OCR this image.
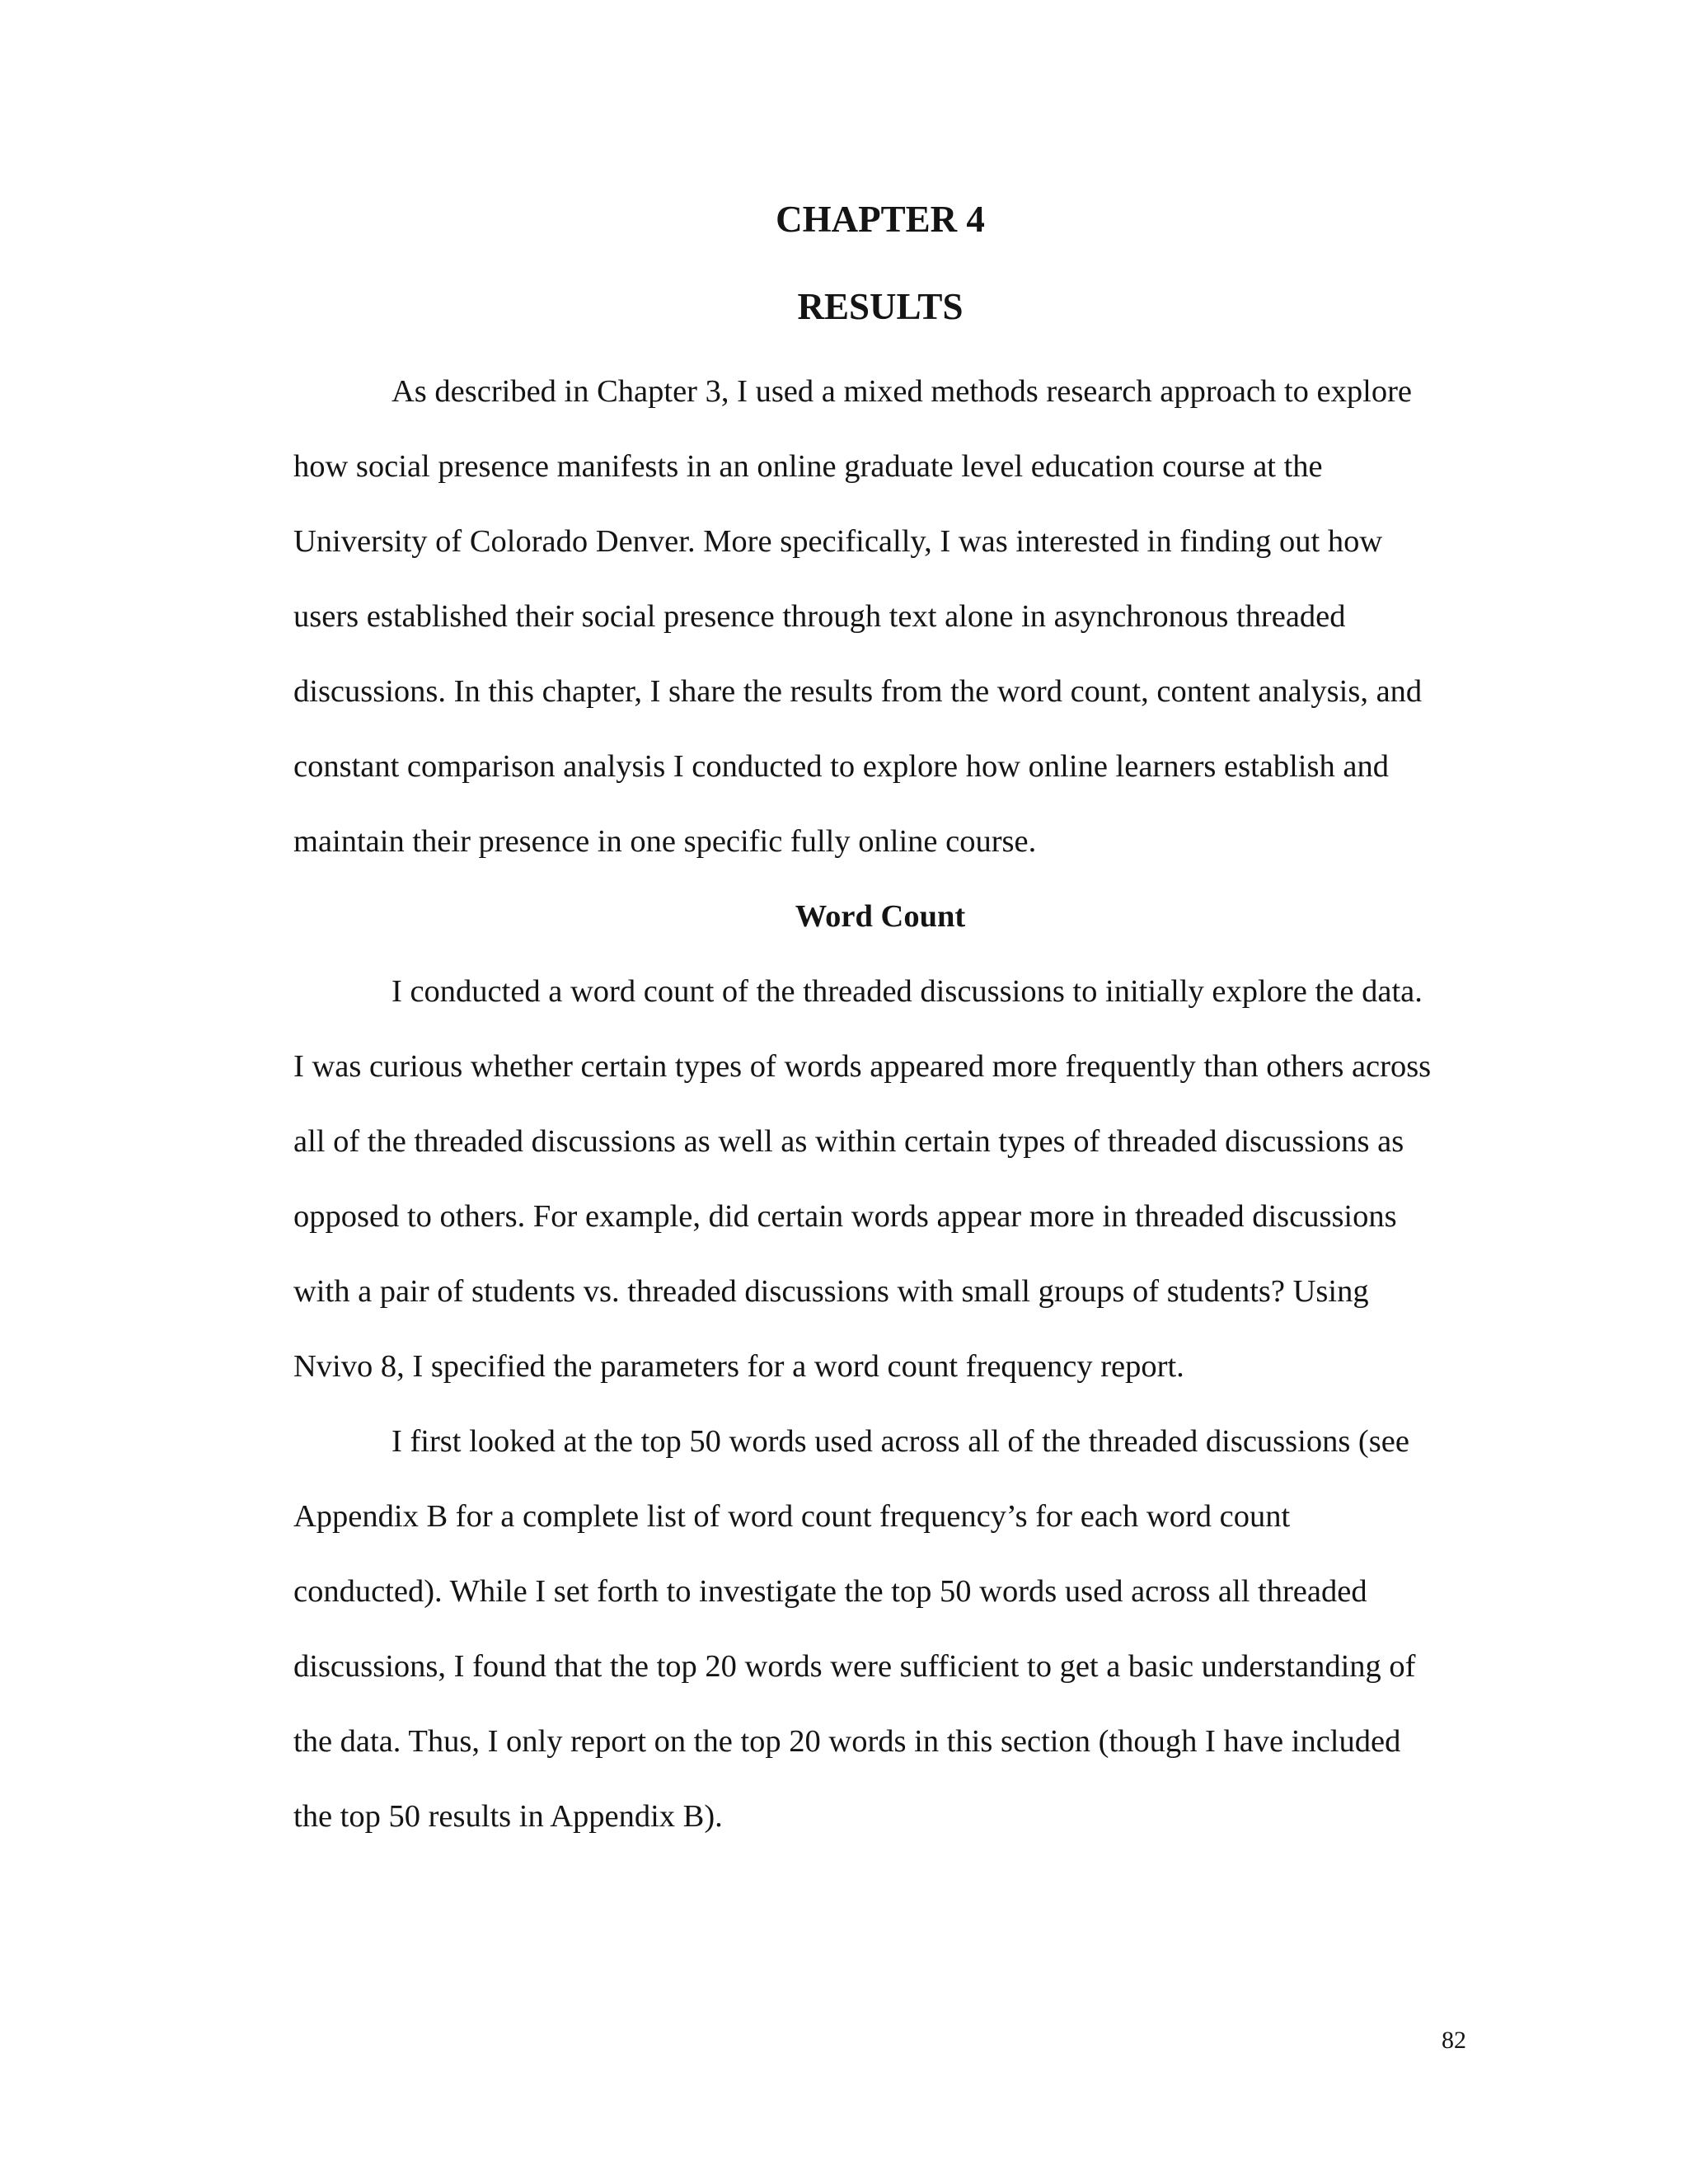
CHAPTER 4
RESULTS

As described in Chapter 3, I used a mixed methods research approach to explore

how social presence manifests in an online graduate level education course at the

University of Colorado Denver. More specifically, I was interested in finding out how

users established their social presence through text alone in asynchronous threaded

discussions. In this chapter, I share the results from the word count, content analysis, and

constant comparison analysis I conducted to explore how online learners establish and

maintain their presence in one specific fully online course.

Word Count

I conducted a word count of the threaded discussions to initially explore the data.

I was curious whether certain types of words appeared more frequently than others across

all of the threaded discussions as well as within certain types of threaded discussions as

opposed to others. For example, did certain words appear more in threaded discussions

with a pair of students vs. threaded discussions with small groups of students? Using

Nvivo 8, I specified the parameters for a word count frequency report.

I first looked at the top 50 words used across all of the threaded discussions (see

Appendix B for a complete list of word count frequency’s for each word count

conducted). While I set forth to investigate the top 50 words used across all threaded

discussions, I found that the top 20 words were sufficient to get a basic understanding of

the data. Thus, I only report on the top 20 words in this section (though I have included

the top 50 results in Appendix B).

82
